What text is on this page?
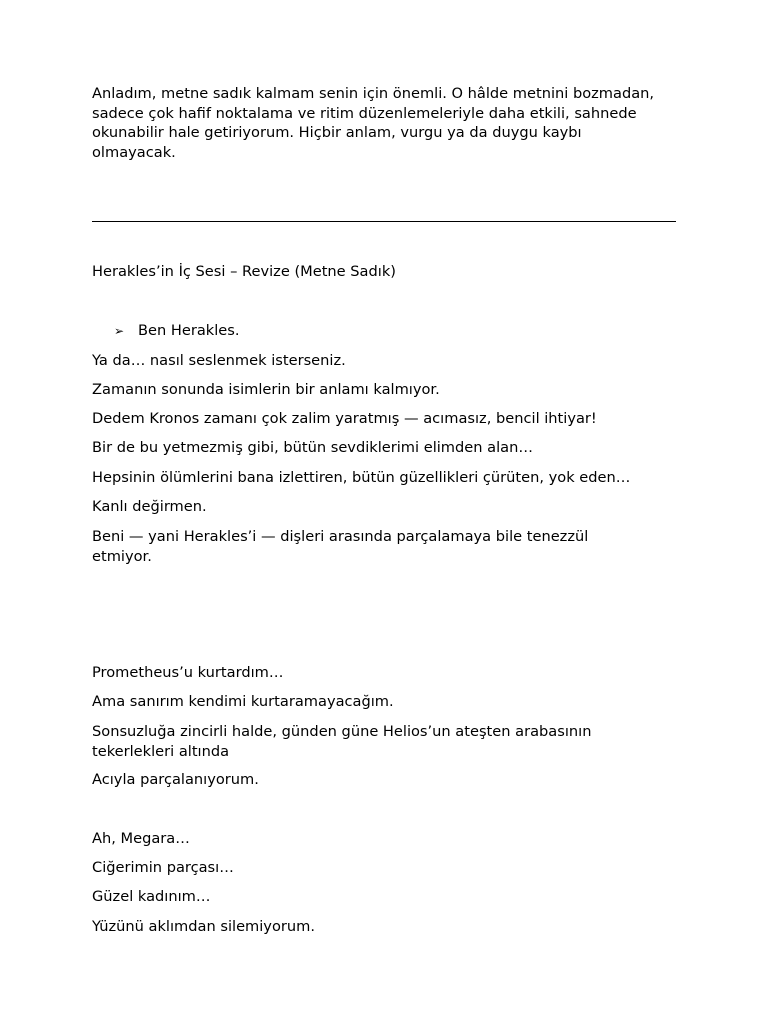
Anladım, metne sadık kalmam senin için önemli. O hâlde metnini bozmadan, sadece çok hafif noktalama ve ritim düzenlemeleriyle daha etkili, sahnede okunabilir hale getiriyorum. Hiçbir anlam, vurgu ya da duygu kaybı olmayacak.

Herakles’in İç Sesi – Revize (Metne Sadık)

➢ Ben Herakles.

Ya da… nasıl seslenmek isterseniz.

Zamanın sonunda isimlerin bir anlamı kalmıyor.

Dedem Kronos zamanı çok zalim yaratmış — acımasız, bencil ihtiyar!

Bir de bu yetmezmiş gibi, bütün sevdiklerimi elimden alan…

Hepsinin ölümlerini bana izlettiren, bütün güzellikleri çürüten, yok eden…

Kanlı değirmen.

Beni — yani Herakles’i — dişleri arasında parçalamaya bile tenezzül etmiyor.

Prometheus’u kurtardım…

Ama sanırım kendimi kurtaramayacağım.

Sonsuzluğa zincirli halde, günden güne Helios’un ateşten arabasının tekerlekleri altında

Acıyla parçalanıyorum.

Ah, Megara…

Ciğerimin parçası…

Güzel kadınım…

Yüzünü aklımdan silemiyorum.
